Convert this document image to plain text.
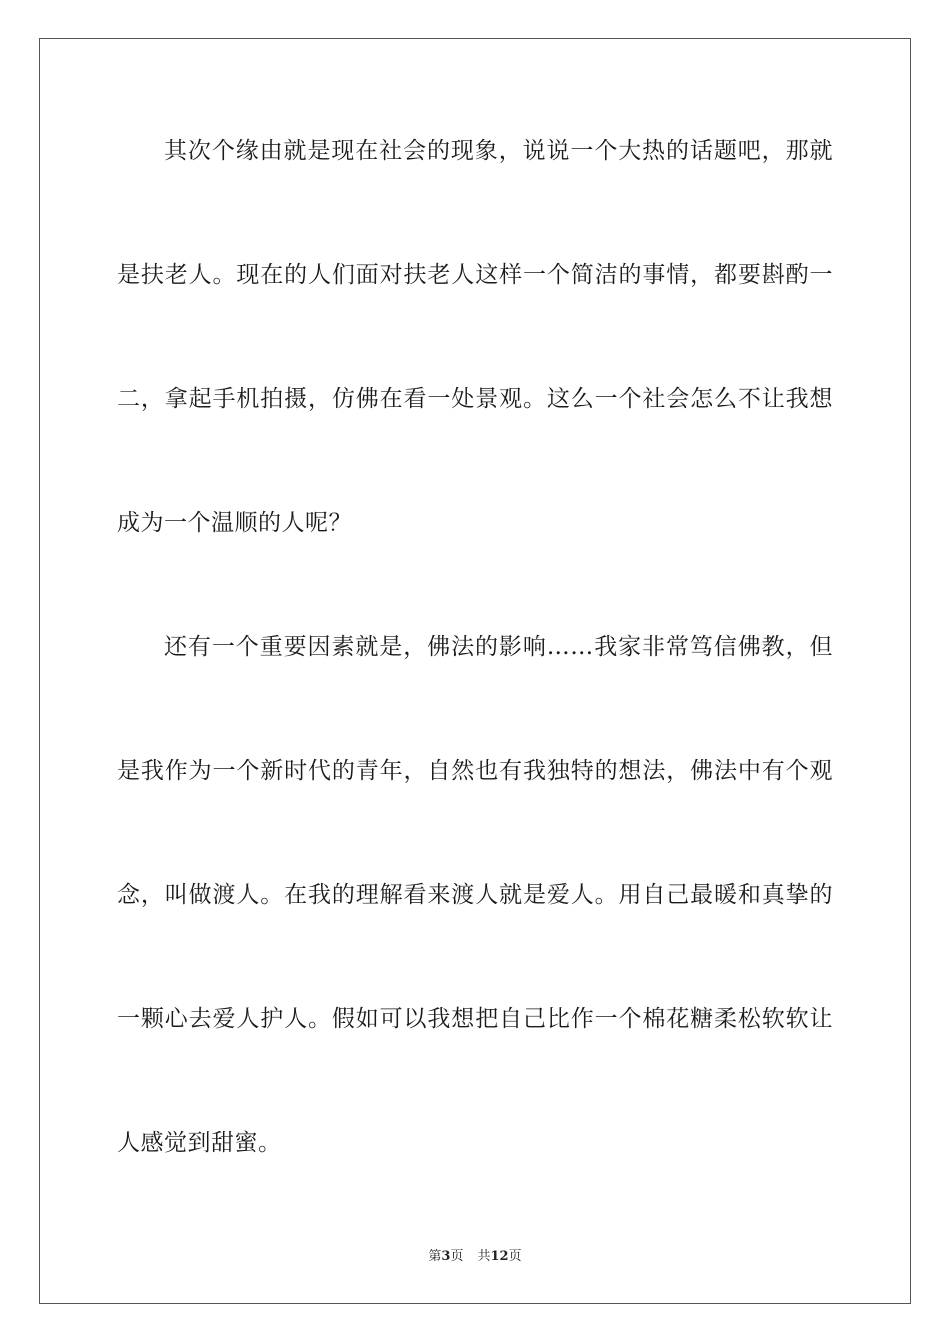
其次个缘由就是现在社会的现象，说说一个大热的话题吧，那就
是扶老人。现在的人们面对扶老人这样一个简洁的事情，都要斟酌一
二，拿起手机拍摄，仿佛在看一处景观。这么一个社会怎么不让我想
成为一个温顺的人呢？
还有一个重要因素就是，佛法的影响……我家非常笃信佛教，但
是我作为一个新时代的青年，自然也有我独特的想法，佛法中有个观
念，叫做渡人。在我的理解看来渡人就是爱人。用自己最暖和真挚的
一颗心去爱人护人。假如可以我想把自己比作一个棉花糖柔松软软让
人感觉到甜蜜。
第3页 共12页
